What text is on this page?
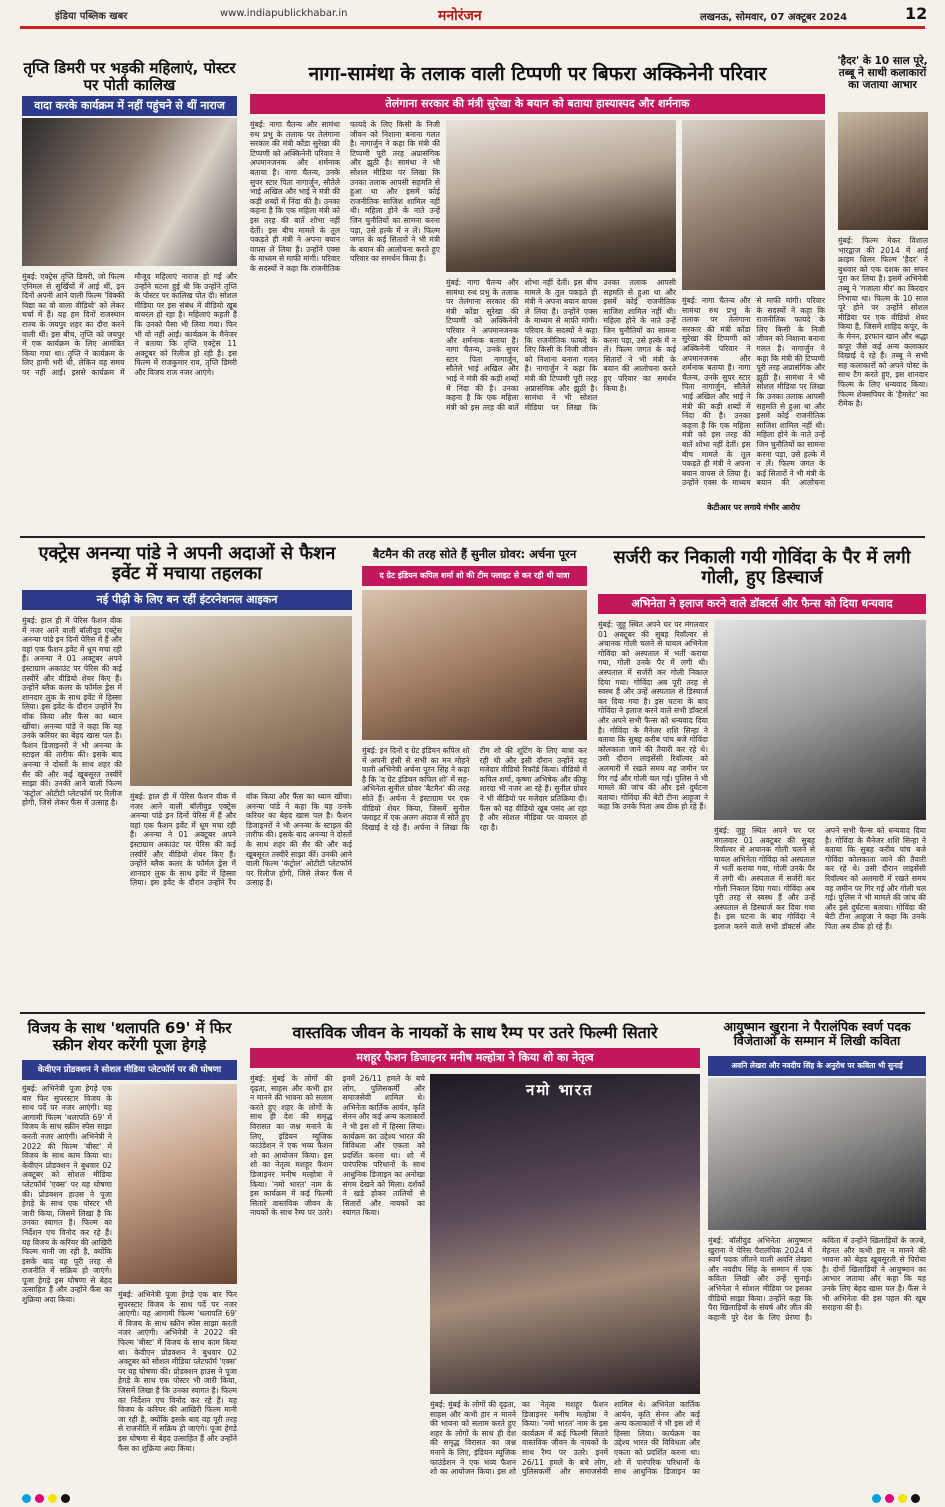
इंडिया पब्लिक खबर	www.indiapublickhabar.in	मनोरंजन	लखनऊ, सोमवार, 07 अक्टूबर 2024	12
तृप्ति डिमरी पर भड़की महिलाएं, पोस्टर पर पोती कालिख
वादा करके कार्यक्रम में नहीं पहुंचने से थीं नाराज
मुंबई: एक्ट्रेस तृप्ति डिमरी, जो फिल्म एनिमल से सुर्खियों में आई थीं, इन दिनों अपनी आने वाली फिल्म 'विक्की विद्या का वो वाला वीडियो' को लेकर चर्चा में हैं। यह हम दिनों राजस्थान राज्य के जयपुर शहर का दौरा करने वाली थीं। इस बीच, तृप्ति को जयपुर में एक कार्यक्रम के लिए आमंत्रित किया गया था। तृप्ति ने कार्यक्रम के लिए हामी भरी थी, लेकिन वह समय पर नहीं आईं। इससे कार्यक्रम में मौजूद महिलाएं नाराज हो गईं और उन्होंने घटना हुई थी कि उन्होंने तृप्ति के पोस्टर पर कालिख पोत दी। सोशल मीडिया पर इस संबंध में वीडियो खूब वायरल हो रहा है। महिलाएं कहती हैं कि उनको पैसा भी लिया गया। फिर भी वो नहीं आईं। कार्यक्रम के मैनेजर ने बताया कि तृप्ति एक्ट्रेस 11 अक्टूबर को रिलीज हो रही है। इस फिल्म में राजकुमार राव, तृप्ति डिमरी और विजय राज नजर आएंगे।
नागा-सामंथा के तलाक वाली टिप्पणी पर बिफरा अक्किनेनी परिवार
तेलंगाना सरकार की मंत्री सुरेखा के बयान को बताया हास्यास्पद और शर्मनाक
मुंबई: नागा चैतन्य और सामंथा रुथ प्रभु के तलाक पर तेलंगाना सरकार की मंत्री कोंडा सुरेखा की टिप्पणी को अक्किनेनी परिवार ने अपमानजनक और शर्मनाक बताया है। नागा चैतन्य, उनके सुपर स्टार पिता नागार्जुन, सौतेले भाई अखिल और भाई ने मंत्री की कड़ी शब्दों में निंदा की है। उनका कहना है कि एक महिला मंत्री को इस तरह की बातें शोभा नहीं देतीं। इस बीच मामले के तूल पकड़ते ही मंत्री ने अपना बयान वापस ले लिया है। उन्होंने एक्स के माध्यम से माफी मांगी। परिवार के सदस्यों ने कहा कि राजनीतिक फायदे के लिए किसी के निजी जीवन को निशाना बनाना गलत है। नागार्जुन ने कहा कि मंत्री की टिप्पणी पूरी तरह अप्रासंगिक और झूठी है। सामंथा ने भी सोशल मीडिया पर लिखा कि उनका तलाक आपसी सहमति से हुआ था और इसमें कोई राजनीतिक साजिश शामिल नहीं थी। महिला होने के नाते उन्हें जिन चुनौतियों का सामना करना पड़ा, उसे हल्के में न लें। फिल्म जगत के कई सितारों ने भी मंत्री के बयान की आलोचना करते हुए परिवार का समर्थन किया है।
मुंबई: नागा चैतन्य और सामंथा रुथ प्रभु के तलाक पर तेलंगाना सरकार की मंत्री कोंडा सुरेखा की टिप्पणी को अक्किनेनी परिवार ने अपमानजनक और शर्मनाक बताया है। नागा चैतन्य, उनके सुपर स्टार पिता नागार्जुन, सौतेले भाई अखिल और भाई ने मंत्री की कड़ी शब्दों में निंदा की है। उनका कहना है कि एक महिला मंत्री को इस तरह की बातें शोभा नहीं देतीं। इस बीच मामले के तूल पकड़ते ही मंत्री ने अपना बयान वापस ले लिया है। उन्होंने एक्स के माध्यम से माफी मांगी। परिवार के सदस्यों ने कहा कि राजनीतिक फायदे के लिए किसी के निजी जीवन को निशाना बनाना गलत है। नागार्जुन ने कहा कि मंत्री की टिप्पणी पूरी तरह अप्रासंगिक और झूठी है। सामंथा ने भी सोशल मीडिया पर लिखा कि उनका तलाक आपसी सहमति से हुआ था और इसमें कोई राजनीतिक साजिश शामिल नहीं थी। महिला होने के नाते उन्हें जिन चुनौतियों का सामना करना पड़ा, उसे हल्के में न लें। फिल्म जगत के कई सितारों ने भी मंत्री के बयान की आलोचना करते हुए परिवार का समर्थन किया है।
मुंबई: नागा चैतन्य और सामंथा रुथ प्रभु के तलाक पर तेलंगाना सरकार की मंत्री कोंडा सुरेखा की टिप्पणी को अक्किनेनी परिवार ने अपमानजनक और शर्मनाक बताया है। नागा चैतन्य, उनके सुपर स्टार पिता नागार्जुन, सौतेले भाई अखिल और भाई ने मंत्री की कड़ी शब्दों में निंदा की है। उनका कहना है कि एक महिला मंत्री को इस तरह की बातें शोभा नहीं देतीं। इस बीच मामले के तूल पकड़ते ही मंत्री ने अपना बयान वापस ले लिया है। उन्होंने एक्स के माध्यम से माफी मांगी। परिवार के सदस्यों ने कहा कि राजनीतिक फायदे के लिए किसी के निजी जीवन को निशाना बनाना गलत है। नागार्जुन ने कहा कि मंत्री की टिप्पणी पूरी तरह अप्रासंगिक और झूठी है। सामंथा ने भी सोशल मीडिया पर लिखा कि उनका तलाक आपसी सहमति से हुआ था और इसमें कोई राजनीतिक साजिश शामिल नहीं थी। महिला होने के नाते उन्हें जिन चुनौतियों का सामना करना पड़ा, उसे हल्के में न लें। फिल्म जगत के कई सितारों ने भी मंत्री के बयान की आलोचना
केटीआर पर लगाये गंभीर आरोप
'हैदर' के 10 साल पूरे, तब्बू ने साथी कलाकारों का जताया आभार
मुंबई: फिल्म मेकर विशाल भारद्वाज की 2014 में आई क्राइम थ्रिलर फिल्म 'हैदर' ने बुधवार को एक दशक का सफर पूरा कर लिया है। इसमें अभिनेत्री तब्बू ने 'गजाला मीर' का किरदार निभाया था। फिल्म के 10 साल पूरे होने पर उन्होंने सोशल मीडिया पर एक वीडियो शेयर किया है, जिसमें शाहिद कपूर, के के मेनन, इरफान खान और श्रद्धा कपूर जैसे कई अन्य कलाकार दिखाई दे रहे हैं। तब्बू ने सभी सह कलाकारों को अपने पोस्ट के साथ टैग करते हुए, इस शानदार फिल्म के लिए धन्यवाद किया। फिल्म शेक्सपियर के 'हैमलेट' का रीमेक है।
एक्ट्रेस अनन्या पांडे ने अपनी अदाओं से फैशन इवेंट में मचाया तहलका
नई पीढ़ी के लिए बन रहीं इंटरनेशनल आइकन
मुंबई: हाल ही में पेरिस फैशन वीक में नजर आने वाली बॉलीवुड एक्ट्रेस अनन्या पांडे इन दिनों पेरिस में हैं और वहां एक फैशन इवेंट में धूम मचा रही हैं। अनन्या ने 01 अक्टूबर अपने इंस्टाग्राम अकाउंट पर पेरिस की कई तस्वीरें और वीडियो शेयर किए हैं। उन्होंने ब्लैक कलर के फॉर्मल ड्रेस में शानदार लुक के साथ इवेंट में हिस्सा लिया। इस इवेंट के दौरान उन्होंने रैंप वॉक किया और फैंस का ध्यान खींचा। अनन्या पांडे ने कहा कि यह उनके करियर का बेहद खास पल है। फैशन डिजाइनरों ने भी अनन्या के स्टाइल की तारीफ की। इसके बाद अनन्या ने दोस्तों के साथ शहर की सैर की और कई खूबसूरत तस्वीरें साझा कीं। उनकी आने वाली फिल्म 'कंट्रोल' ओटीटी प्लेटफॉर्म पर रिलीज होगी, जिसे लेकर फैंस में उत्साह है।
मुंबई: हाल ही में पेरिस फैशन वीक में नजर आने वाली बॉलीवुड एक्ट्रेस अनन्या पांडे इन दिनों पेरिस में हैं और वहां एक फैशन इवेंट में धूम मचा रही हैं। अनन्या ने 01 अक्टूबर अपने इंस्टाग्राम अकाउंट पर पेरिस की कई तस्वीरें और वीडियो शेयर किए हैं। उन्होंने ब्लैक कलर के फॉर्मल ड्रेस में शानदार लुक के साथ इवेंट में हिस्सा लिया। इस इवेंट के दौरान उन्होंने रैंप वॉक किया और फैंस का ध्यान खींचा। अनन्या पांडे ने कहा कि यह उनके करियर का बेहद खास पल है। फैशन डिजाइनरों ने भी अनन्या के स्टाइल की तारीफ की। इसके बाद अनन्या ने दोस्तों के साथ शहर की सैर की और कई खूबसूरत तस्वीरें साझा कीं। उनकी आने वाली फिल्म 'कंट्रोल' ओटीटी प्लेटफॉर्म पर रिलीज होगी, जिसे लेकर फैंस में उत्साह है।
बैटमैन की तरह सोते हैं सुनील ग्रोवर: अर्चना पूरन
द ग्रेट इंडियन कपिल शर्मा शो की टीम फ्लाइट से कर रही थी यात्रा
मुंबई: इन दिनों द ग्रेट इंडियन कपिल शो में अपनी हंसी से सभी का मन मोहने वाली अभिनेत्री अर्चना पूरन सिंह ने कहा है कि 'द ग्रेट इंडियन कपिल शो' में सह-अभिनेता सुनील ग्रोवर 'बैटमैन' की तरह सोते हैं। अर्चना ने इंस्टाग्राम पर एक वीडियो शेयर किया, जिसमें सुनील फ्लाइट में एक अलग अंदाज में सोते हुए दिखाई दे रहे हैं। अर्चना ने लिखा कि टीम शो की शूटिंग के लिए यात्रा कर रही थी और इसी दौरान उन्होंने यह मजेदार वीडियो रिकॉर्ड किया। वीडियो में कपिल शर्मा, कृष्णा अभिषेक और कीकू शारदा भी नजर आ रहे हैं। सुनील ग्रोवर ने भी वीडियो पर मजेदार प्रतिक्रिया दी। फैंस को यह वीडियो खूब पसंद आ रहा है और सोशल मीडिया पर वायरल हो रहा है।
सर्जरी कर निकाली गयी गोविंदा के पैर में लगी गोली, हुए डिस्चार्ज
अभिनेता ने इलाज करने वाले डॉक्टर्स और फैन्स को दिया धन्यवाद
मुंबई: जुहू स्थित अपने घर पर मंगलवार 01 अक्टूबर की सुबह रिवॉल्वर से अचानक गोली चलने से घायल अभिनेता गोविंदा को अस्पताल में भर्ती कराया गया, गोली उनके पैर में लगी थी। अस्पताल में सर्जरी कर गोली निकाल दिया गया। गोविंदा अब पूरी तरह से स्वस्थ हैं और उन्हें अस्पताल से डिस्चार्ज कर दिया गया है। इस घटना के बाद गोविंदा ने इलाज करने वाले सभी डॉक्टर्स और अपने सभी फैन्स को धन्यवाद दिया है। गोविंदा के मैनेजर शशि सिन्हा ने बताया कि सुबह करीब पांच बजे गोविंदा कोलकाता जाने की तैयारी कर रहे थे। उसी दौरान लाइसेंसी रिवॉल्वर को अलमारी में रखते समय वह जमीन पर गिर गई और गोली चल गई। पुलिस ने भी मामले की जांच की और इसे दुर्घटना बताया। गोविंदा की बेटी टीना आहूजा ने कहा कि उनके पिता अब ठीक हो रहे हैं।
मुंबई: जुहू स्थित अपने घर पर मंगलवार 01 अक्टूबर की सुबह रिवॉल्वर से अचानक गोली चलने से घायल अभिनेता गोविंदा को अस्पताल में भर्ती कराया गया, गोली उनके पैर में लगी थी। अस्पताल में सर्जरी कर गोली निकाल दिया गया। गोविंदा अब पूरी तरह से स्वस्थ हैं और उन्हें अस्पताल से डिस्चार्ज कर दिया गया है। इस घटना के बाद गोविंदा ने इलाज करने वाले सभी डॉक्टर्स और अपने सभी फैन्स को धन्यवाद दिया है। गोविंदा के मैनेजर शशि सिन्हा ने बताया कि सुबह करीब पांच बजे गोविंदा कोलकाता जाने की तैयारी कर रहे थे। उसी दौरान लाइसेंसी रिवॉल्वर को अलमारी में रखते समय वह जमीन पर गिर गई और गोली चल गई। पुलिस ने भी मामले की जांच की और इसे दुर्घटना बताया। गोविंदा की बेटी टीना आहूजा ने कहा कि उनके पिता अब ठीक हो रहे हैं।
विजय के साथ 'थलापति 69' में फिर स्क्रीन शेयर करेंगी पूजा हेगड़े
केवीएन प्रोडक्शन ने सोशल मीडिया प्लेटफॉर्म पर की घोषणा
मुंबई: अभिनेत्री पूजा हेगड़े एक बार फिर सुपरस्टार विजय के साथ पर्दे पर नजर आएंगी। यह आगामी फिल्म 'थलापति 69' में विजय के साथ स्क्रीन स्पेस साझा करती नजर आएंगी। अभिनेत्री ने 2022 की फिल्म 'बीस्ट' में विजय के साथ काम किया था। केवीएन प्रोडक्शन ने बुधवार 02 अक्टूबर को सोशल मीडिया प्लेटफॉर्म 'एक्स' पर यह घोषणा की। प्रोडक्शन हाउस ने पूजा हेगड़े के साथ एक पोस्टर भी जारी किया, जिसमें लिखा है कि उनका स्वागत है। फिल्म का निर्देशन एच विनोद कर रहे हैं। यह विजय के करियर की आखिरी फिल्म मानी जा रही है, क्योंकि इसके बाद वह पूरी तरह से राजनीति में सक्रिय हो जाएंगे। पूजा हेगड़े इस घोषणा से बेहद उत्साहित हैं और उन्होंने फैंस का शुक्रिया अदा किया।
मुंबई: अभिनेत्री पूजा हेगड़े एक बार फिर सुपरस्टार विजय के साथ पर्दे पर नजर आएंगी। यह आगामी फिल्म 'थलापति 69' में विजय के साथ स्क्रीन स्पेस साझा करती नजर आएंगी। अभिनेत्री ने 2022 की फिल्म 'बीस्ट' में विजय के साथ काम किया था। केवीएन प्रोडक्शन ने बुधवार 02 अक्टूबर को सोशल मीडिया प्लेटफॉर्म 'एक्स' पर यह घोषणा की। प्रोडक्शन हाउस ने पूजा हेगड़े के साथ एक पोस्टर भी जारी किया, जिसमें लिखा है कि उनका स्वागत है। फिल्म का निर्देशन एच विनोद कर रहे हैं। यह विजय के करियर की आखिरी फिल्म मानी जा रही है, क्योंकि इसके बाद वह पूरी तरह से राजनीति में सक्रिय हो जाएंगे। पूजा हेगड़े इस घोषणा से बेहद उत्साहित हैं और उन्होंने फैंस का शुक्रिया अदा किया।
वास्तविक जीवन के नायकों के साथ रैम्प पर उतरे फिल्मी सितारे
मशहूर फैशन डिजाइनर मनीष मल्होत्रा ने किया शो का नेतृत्व
मुंबई: मुंबई के लोगों की दृढ़ता, साहस और कभी हार न मानने की भावना को सलाम करते हुए शहर के लोगों के साथ ही देश की समृद्ध विरासत का जश्न मनाने के लिए, इंडियन म्यूजिक फाउंडेशन ने एक भव्य फैशन शो का आयोजन किया। इस शो का नेतृत्व मशहूर फैशन डिजाइनर मनीष मल्होत्रा ने किया। 'नमो भारत' नाम के इस कार्यक्रम में कई फिल्मी सितारे वास्तविक जीवन के नायकों के साथ रैम्प पर उतरे। इनमें 26/11 हमले के बचे लोग, पुलिसकर्मी और समाजसेवी शामिल थे। अभिनेता कार्तिक आर्यन, कृति सेनन और कई अन्य कलाकारों ने भी इस शो में हिस्सा लिया। कार्यक्रम का उद्देश्य भारत की विविधता और एकता को प्रदर्शित करना था। शो में पारंपरिक परिधानों के साथ आधुनिक डिजाइन का अनोखा संगम देखने को मिला। दर्शकों ने खड़े होकर तालियों से सितारों और नायकों का स्वागत किया।
नमो भारत
मुंबई: मुंबई के लोगों की दृढ़ता, साहस और कभी हार न मानने की भावना को सलाम करते हुए शहर के लोगों के साथ ही देश की समृद्ध विरासत का जश्न मनाने के लिए, इंडियन म्यूजिक फाउंडेशन ने एक भव्य फैशन शो का आयोजन किया। इस शो का नेतृत्व मशहूर फैशन डिजाइनर मनीष मल्होत्रा ने किया। 'नमो भारत' नाम के इस कार्यक्रम में कई फिल्मी सितारे वास्तविक जीवन के नायकों के साथ रैम्प पर उतरे। इनमें 26/11 हमले के बचे लोग, पुलिसकर्मी और समाजसेवी शामिल थे। अभिनेता कार्तिक आर्यन, कृति सेनन और कई अन्य कलाकारों ने भी इस शो में हिस्सा लिया। कार्यक्रम का उद्देश्य भारत की विविधता और एकता को प्रदर्शित करना था। शो में पारंपरिक परिधानों के साथ आधुनिक डिजाइन का
आयुष्मान खुराना ने पैरालंपिक स्वर्ण पदक विजेताओं के सम्मान में लिखी कविता
अवनि लेखरा और नवदीप सिंह के अनुरोध पर कविता भी सुनाई
मुंबई: बॉलीवुड अभिनेता आयुष्मान खुराना ने पेरिस पैरालंपिक 2024 में स्वर्ण पदक जीतने वाली अवनि लेखरा और नवदीप सिंह के सम्मान में एक कविता लिखी और उन्हें सुनाई। अभिनेता ने सोशल मीडिया पर इसका वीडियो साझा किया। उन्होंने कहा कि पैरा खिलाड़ियों के संघर्ष और जीत की कहानी पूरे देश के लिए प्रेरणा है। कविता में उन्होंने खिलाड़ियों के जज्बे, मेहनत और कभी हार न मानने की भावना को बेहद खूबसूरती से पिरोया है। दोनों खिलाड़ियों ने आयुष्मान का आभार जताया और कहा कि यह उनके लिए बेहद खास पल है। फैंस ने भी अभिनेता की इस पहल की खूब सराहना की है।
